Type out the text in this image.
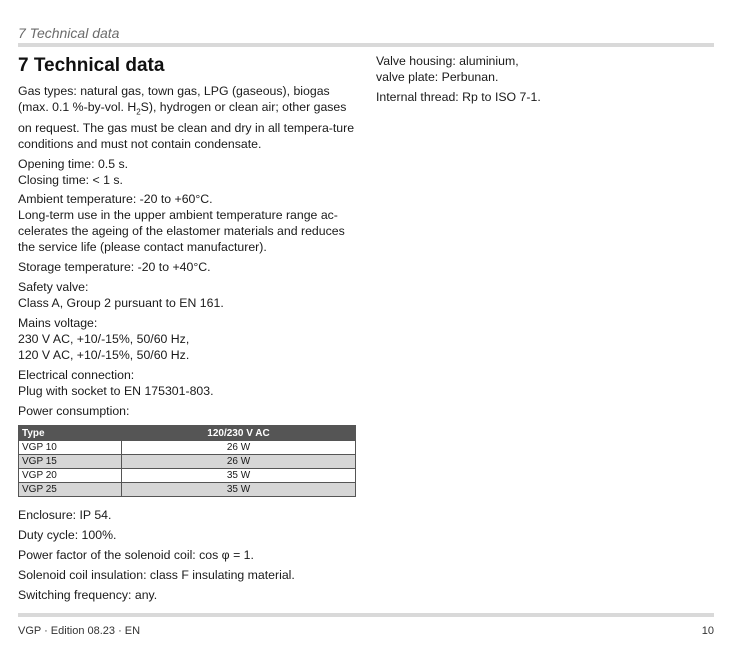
7 Technical data
7 Technical data

Gas types: natural gas, town gas, LPG (gaseous), biogas (max. 0.1 %-by-vol. $H_2S$), hydrogen or clean air; other gases on request. The gas must be clean and dry in all tempera-ture conditions and must not contain condensate.

Opening time: 0.5 s.
Closing time: < 1 s.

Ambient temperature: -20 to +60°C.
Long-term use in the upper ambient temperature range ac-celerates the ageing of the elastomer materials and reduces the service life (please contact manufacturer).

Storage temperature: -20 to +40°C.

Safety valve:
Class A, Group 2 pursuant to EN 161.

Mains voltage:
230 V AC, +10/-15%, 50/60 Hz,
120 V AC, +10/-15%, 50/60 Hz.

Electrical connection:
Plug with socket to EN 175301-803.

Power consumption:

Type	120/230 V AC
VGP 10	26 W
VGP 15	26 W
VGP 20	35 W
VGP 25	35 W

Enclosure: IP 54.

Duty cycle: 100%.

Power factor of the solenoid coil: cos φ = 1.

Solenoid coil insulation: class F insulating material.

Switching frequency: any.

Valve housing: aluminium,
valve plate: Perbunan.

Internal thread: Rp to ISO 7-1.

VGP · Edition 08.23 · EN	10
